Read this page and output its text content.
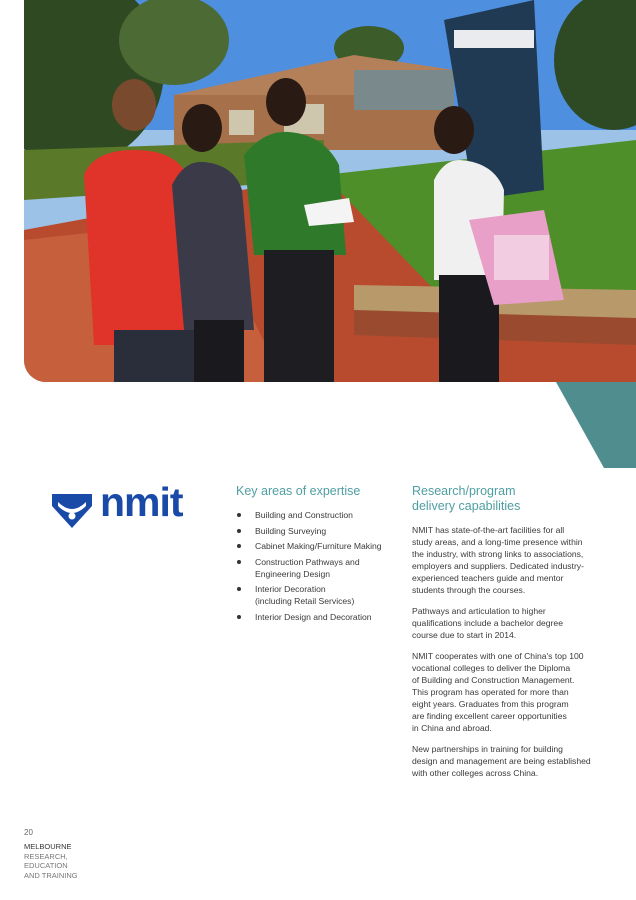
nmit	Key areas of expertise
Building and Construction
Building Surveying
Cabinet Making/Furniture Making
Construction Pathways and
Engineering Design
Interior Decoration
(including Retail Services)
Interior Design and Decoration
Research/program
delivery capabilities

NMIT has state-of-the-art facilities for all
study areas, and a long-time presence within
the industry, with strong links to associations,
employers and suppliers. Dedicated industry-
experienced teachers guide and mentor
students through the courses.

Pathways and articulation to higher
qualifications include a bachelor degree
course due to start in 2014.

NMIT cooperates with one of China's top 100
vocational colleges to deliver the Diploma
of Building and Construction Management.
This program has operated for more than
eight years. Graduates from this program
are finding excellent career opportunities
in China and abroad.

New partnerships in training for building
design and management are being established
with other colleges across China.

20
MELBOURNE
RESEARCH,
EDUCATION
AND TRAINING
